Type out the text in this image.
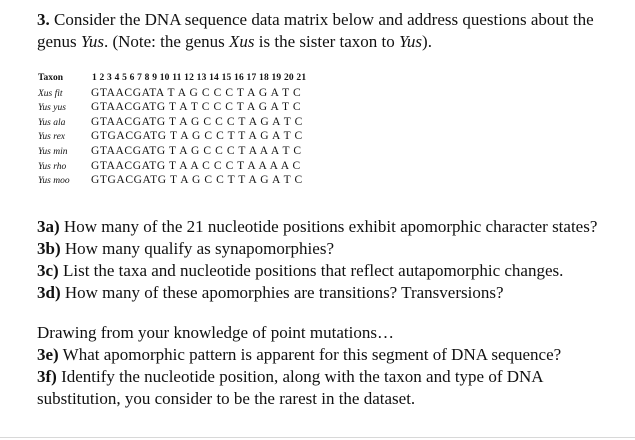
3. Consider the DNA sequence data matrix below and address questions about the genus Yus. (Note: the genus Xus is the sister taxon to Yus).
Taxon	1 2 3 4 5 6 7 8 9 10 11 12 13 14 15 16 17 18 19 20 21
Xus fit	GTAACGATA T A G C C C T A G A T C
Yus yus	GTAACGATG T A T C C C T A G A T C
Yus ala	GTAACGATG T A G C C C T A G A T C
Yus rex	GTGACGATG T A G C C T T A G A T C
Yus min	GTAACGATG T A G C C C T A A A T C
Yus rho	GTAACGATG T A A C C C T A A A A C
Yus moo	GTGACGATG T A G C C T T A G A T C

3a) How many of the 21 nucleotide positions exhibit apomorphic character states?

3b) How many qualify as synapomorphies?

3c) List the taxa and nucleotide positions that reflect autapomorphic changes.

3d) How many of these apomorphies are transitions? Transversions?

Drawing from your knowledge of point mutations…

3e) What apomorphic pattern is apparent for this segment of DNA sequence?

3f) Identify the nucleotide position, along with the taxon and type of DNA substitution, you consider to be the rarest in the dataset.
